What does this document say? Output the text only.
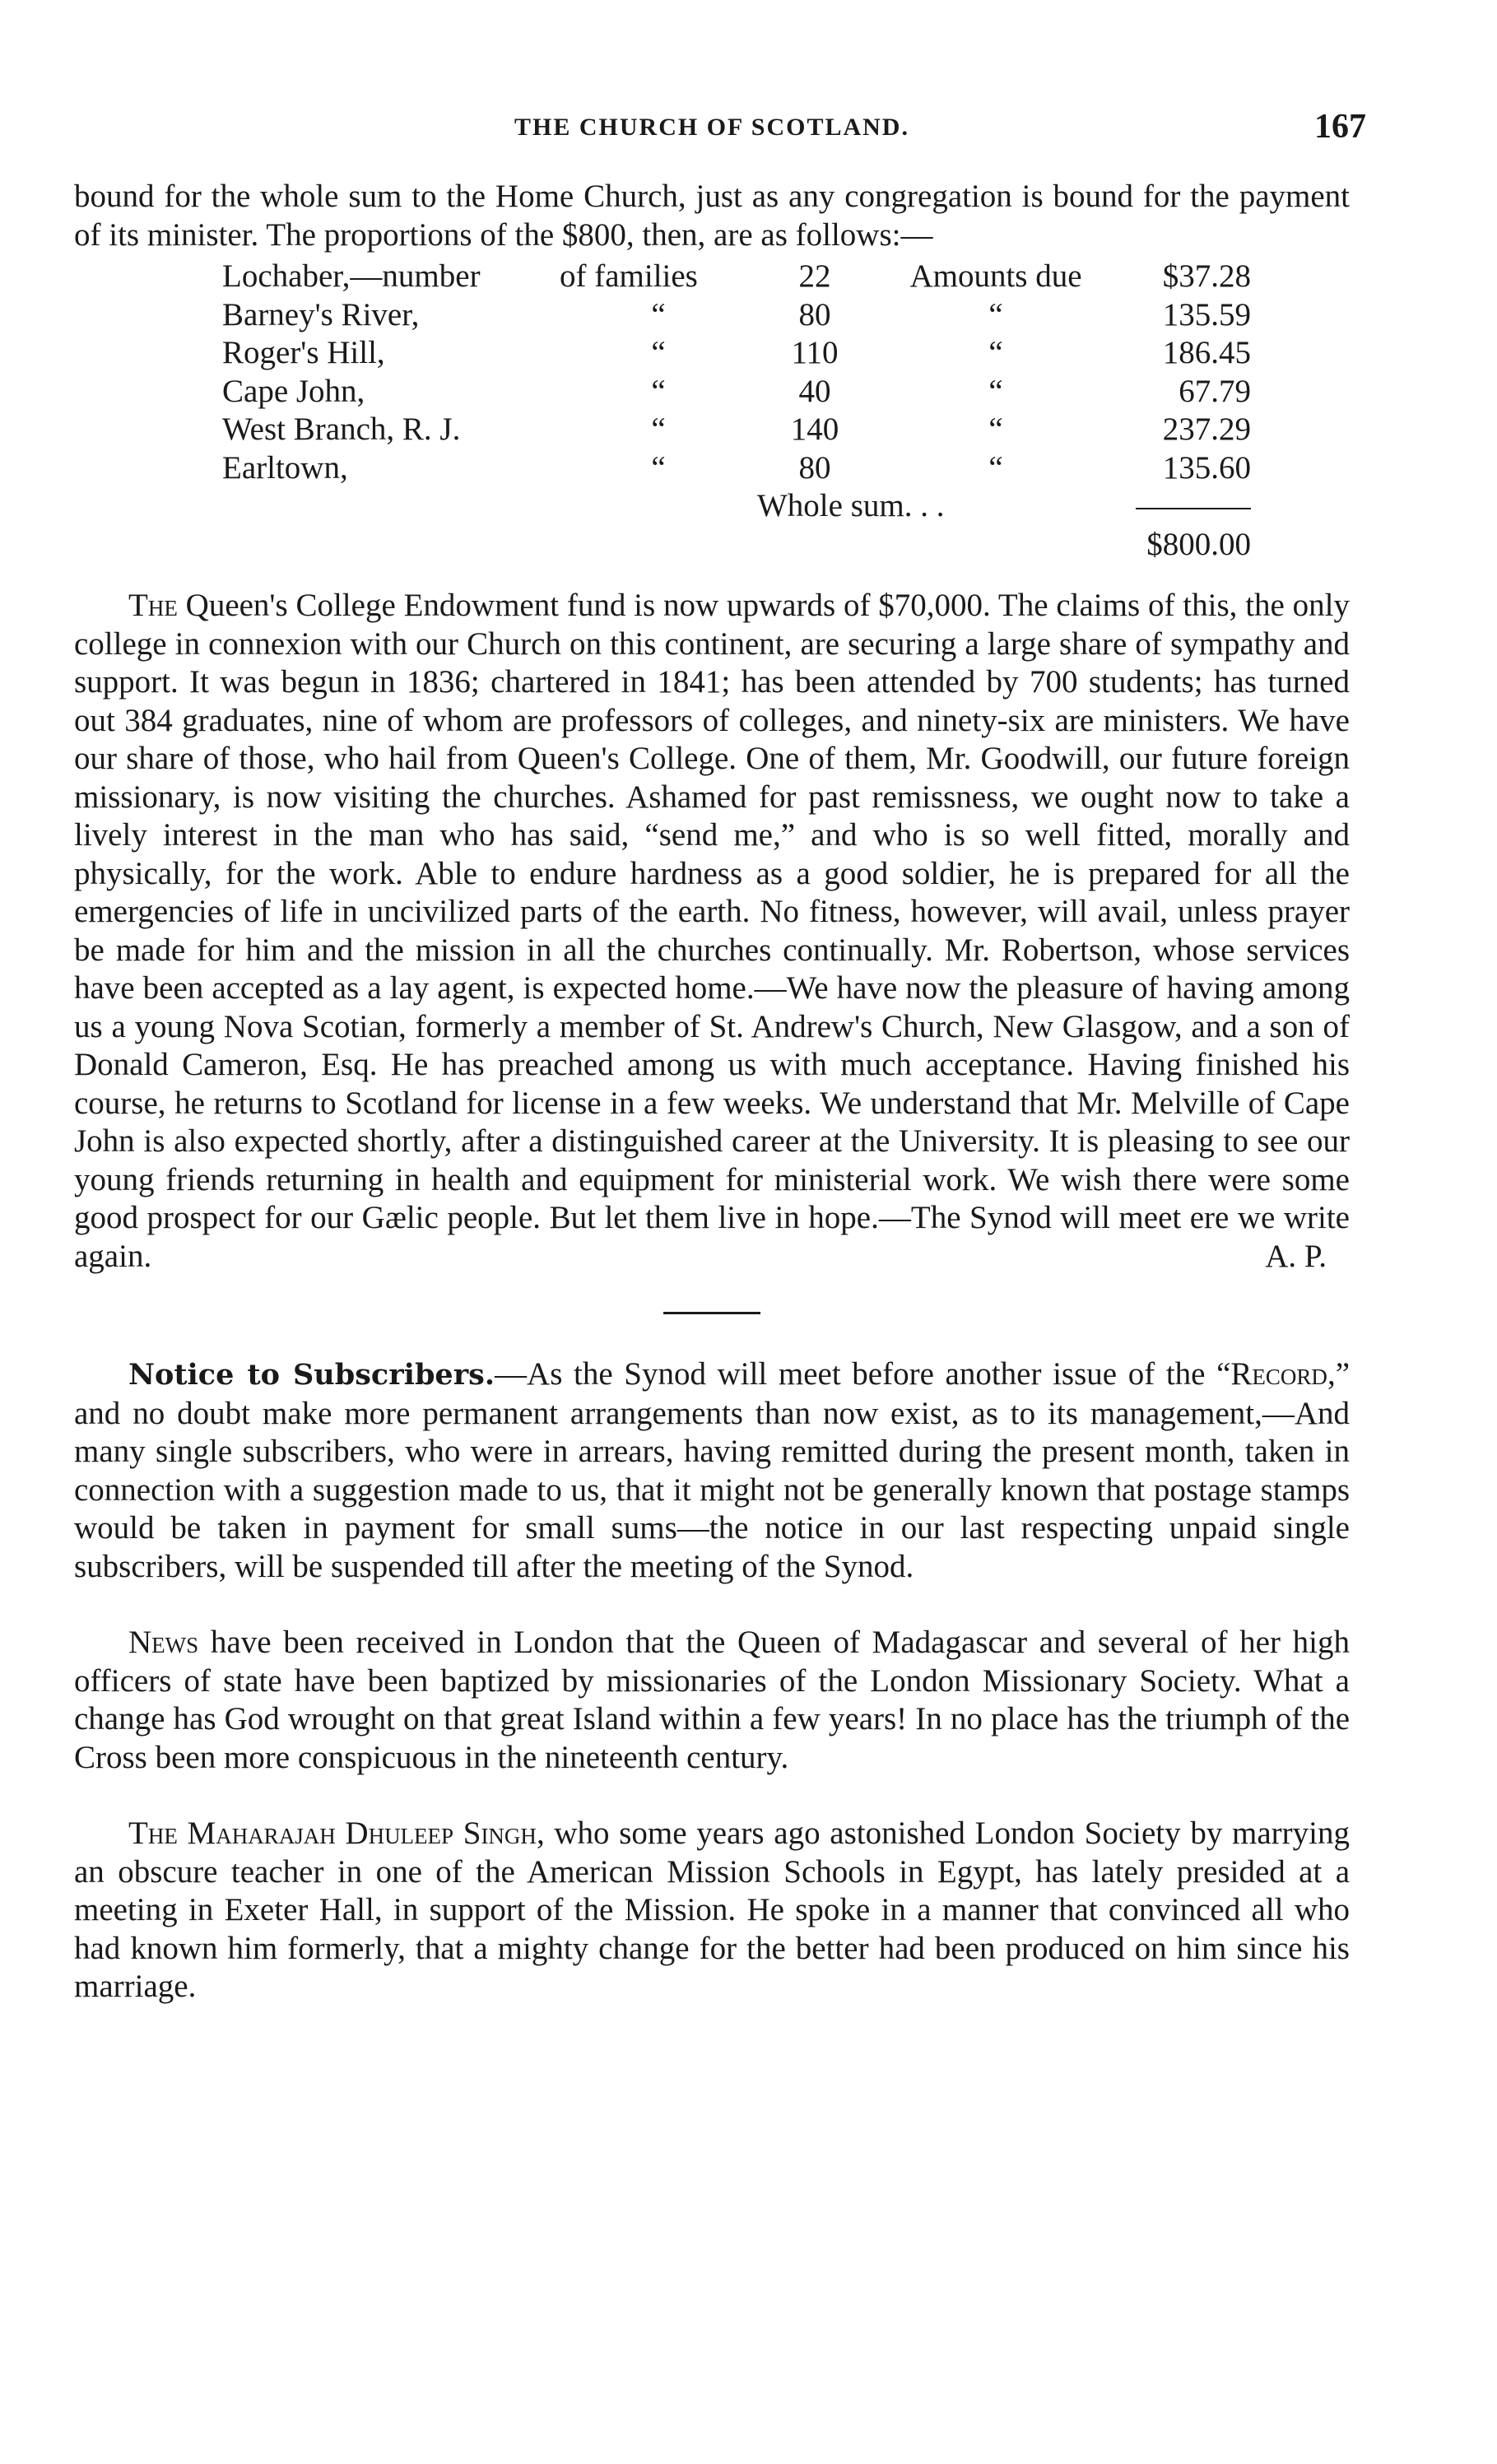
THE CHURCH OF SCOTLAND.	167

bound for the whole sum to the Home Church, just as any congregation is bound for the payment of its minister. The proportions of the $800, then, are as follows:—

Lochaber,—number	of families	22	Amounts due	$37.28
Barney's River,	“	80	“	135.59
Roger's Hill,	“	110	“	186.45
Cape John,	“	40	“	67.79
West Branch, R. J.	“	140	“	237.29
Earltown,	“	80	“	135.60
		Whole sum. . .		
				$800.00

The Queen's College Endowment fund is now upwards of $70,000. The claims of this, the only college in connexion with our Church on this continent, are securing a large share of sympathy and support. It was begun in 1836; chartered in 1841; has been attended by 700 students; has turned out 384 graduates, nine of whom are professors of colleges, and ninety-six are ministers. We have our share of those, who hail from Queen's College. One of them, Mr. Goodwill, our future foreign missionary, is now visiting the churches. Ashamed for past remissness, we ought now to take a lively interest in the man who has said, “send me,” and who is so well fitted, morally and physically, for the work. Able to endure hardness as a good soldier, he is prepared for all the emergencies of life in uncivilized parts of the earth. No fitness, however, will avail, unless prayer be made for him and the mission in all the churches continually. Mr. Robertson, whose services have been accepted as a lay agent, is expected home.—We have now the pleasure of having among us a young Nova Scotian, formerly a member of St. Andrew's Church, New Glasgow, and a son of Donald Cameron, Esq. He has preached among us with much acceptance. Having finished his course, he returns to Scotland for license in a few weeks. We understand that Mr. Melville of Cape John is also expected shortly, after a distinguished career at the University. It is pleasing to see our young friends returning in health and equipment for ministerial work. We wish there were some good prospect for our Gælic people. But let them live in hope.—The Synod will meet ere we write again.	A. P.

Notice to Subscribers.—As the Synod will meet before another issue of the “Record,” and no doubt make more permanent arrangements than now exist, as to its management,—And many single subscribers, who were in arrears, having remitted during the present month, taken in connection with a suggestion made to us, that it might not be generally known that postage stamps would be taken in payment for small sums—the notice in our last respecting unpaid single subscribers, will be suspended till after the meeting of the Synod.

News have been received in London that the Queen of Madagascar and several of her high officers of state have been baptized by missionaries of the London Missionary Society. What a change has God wrought on that great Island within a few years! In no place has the triumph of the Cross been more conspicuous in the nineteenth century.

The Maharajah Dhuleep Singh, who some years ago astonished London Society by marrying an obscure teacher in one of the American Mission Schools in Egypt, has lately presided at a meeting in Exeter Hall, in support of the Mission. He spoke in a manner that convinced all who had known him formerly, that a mighty change for the better had been produced on him since his marriage.
